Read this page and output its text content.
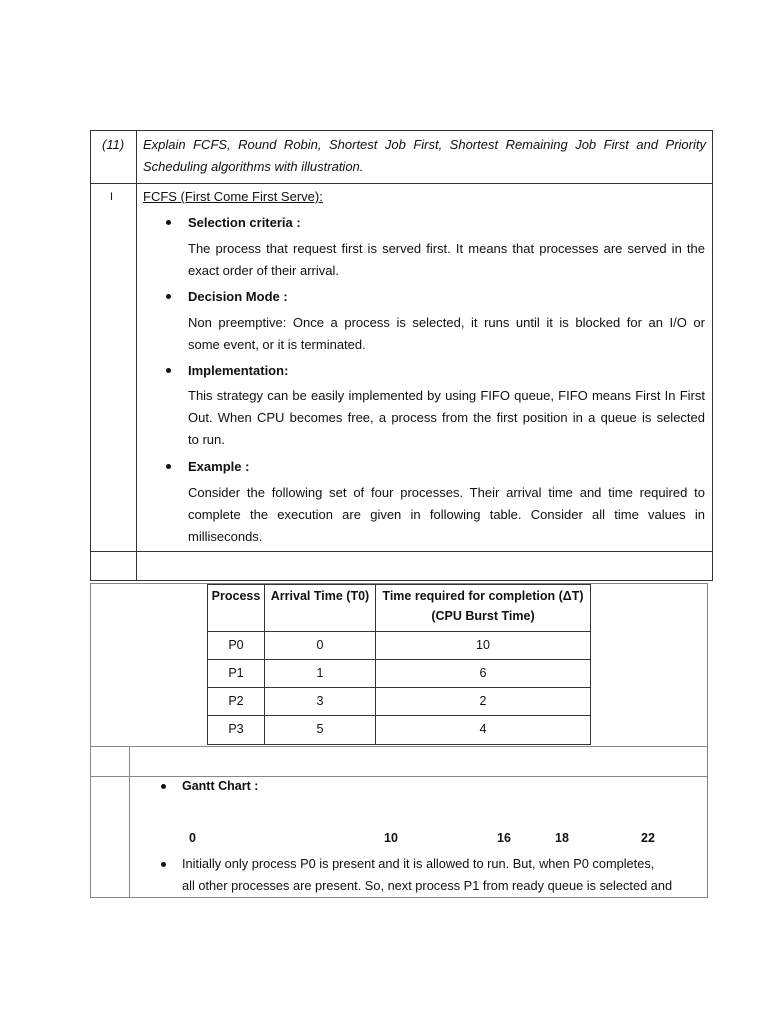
(11) Explain FCFS, Round Robin, Shortest Job First, Shortest Remaining Job First and Priority
Scheduling algorithms with illustration.
I FCFS (First Come First Serve):
Selection criteria :
The process that request first is served first. It means that processes are served in the
exact order of their arrival.
Decision Mode :
Non preemptive: Once a process is selected, it runs until it is blocked for an I/O or
some event, or it is terminated.
Implementation:
This strategy can be easily implemented by using FIFO queue, FIFO means First In First
Out. When CPU becomes free, a process from the first position in a queue is selected
to run.
Example :
Consider the following set of four processes. Their arrival time and time required to
complete the execution are given in following table. Consider all time values in
milliseconds.
Process Arrival Time (T0)	Time required for completion (ΔT)
(CPU Burst Time)
P0	0	10
P1	1	6
P2	3	2
P3	5	4
Gantt Chart :
0	10	16	18	22
Initially only process P0 is present and it is allowed to run. But, when P0 completes,
all other processes are present. So, next process P1 from ready queue is selected and
